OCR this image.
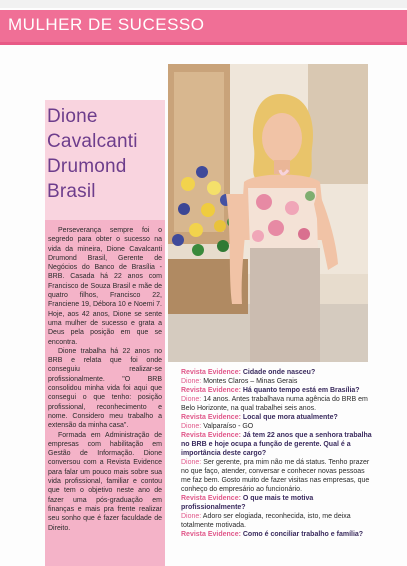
MULHER DE SUCESSO
Dione
Cavalcanti
Drumond
Brasil

Perseverança sempre foi o segredo para obter o sucesso na vida da mineira, Dione Cavalcanti Drumond Brasil, Gerente de Negócios do Banco de Brasília - BRB. Casada há 22 anos com Francisco de Souza Brasil e mãe de quatro filhos, Francisco 22, Franciene 19, Débora 10 e Noemi 7. Hoje, aos 42 anos, Dione se sente uma mulher de sucesso e grata a Deus pela posição em que se encontra.

Dione trabalha há 22 anos no BRB e relata que foi onde conseguiu realizar-se profissionalmente. "O BRB consolidou minha vida foi aqui que consegui o que tenho: posição profissional, reconhecimento e nome. Considero meu trabalho a extensão da minha casa".

Formada em Administração de empresas com habilitação em Gestão de Informação. Dione conversou com a Revista Evidence para falar um pouco mais sobre sua vida profissional, familiar e contou que tem o objetivo neste ano de fazer uma pós-graduação em finanças e mais pra frente realizar seu sonho que é fazer faculdade de Direito.

Revista Evidence: Cidade onde nasceu?
Dione: Montes Claros – Minas Gerais
Revista Evidence: Há quanto tempo está em Brasília?
Dione: 14 anos. Antes trabalhava numa agência do BRB em Belo Horizonte, na qual trabalhei seis anos.
Revista Evidence: Local que mora atualmente?
Dione: Valparaíso - GO
Revista Evidence: Já tem 22 anos que a senhora trabalha no BRB e hoje ocupa a função de gerente. Qual é a importância deste cargo?
Dione: Ser gerente, pra mim não me dá status. Tenho prazer no que faço, atender, conversar e conhecer novas pessoas me faz bem. Gosto muito de fazer visitas nas empresas, que conheço do empresário ao funcionário.
Revista Evidence: O que mais te motiva profissionalmente?
Dione: Adoro ser elogiada, reconhecida, isto, me deixa totalmente motivada.
Revista Evidence: Como é conciliar trabalho e família?
